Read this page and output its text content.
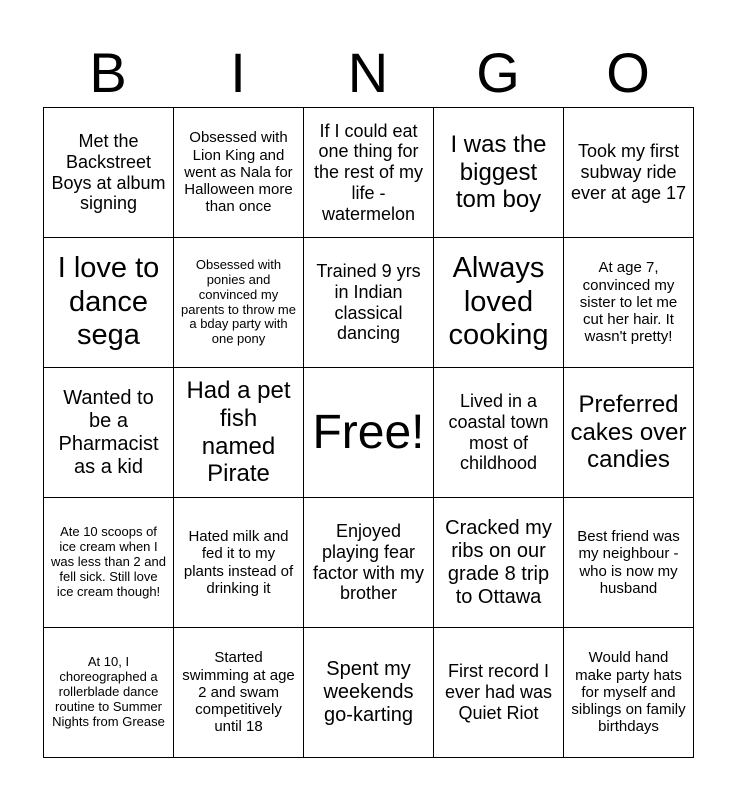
B	I	N	G	O
Met the Backstreet Boys at album signing	Obsessed with Lion King and went as Nala for Halloween more than once	If I could eat one thing for the rest of my life - watermelon	I was the biggest tom boy	Took my first subway ride ever at age 17
I love to dance sega	Obsessed with ponies and convinced my parents to throw me a bday party with one pony	Trained 9 yrs in Indian classical dancing	Always loved cooking	At age 7, convinced my sister to let me cut her hair. It wasn't pretty!
Wanted to be a Pharmacist as a kid	Had a pet fish named Pirate	Free!	Lived in a coastal town most of childhood	Preferred cakes over candies
Ate 10 scoops of ice cream when I was less than 2 and fell sick. Still love ice cream though!	Hated milk and fed it to my plants instead of drinking it	Enjoyed playing fear factor with my brother	Cracked my ribs on our grade 8 trip to Ottawa	Best friend was my neighbour - who is now my husband
At 10, I choreographed a rollerblade dance routine to Summer Nights from Grease	Started swimming at age 2 and swam competitively until 18	Spent my weekends go-karting	First record I ever had was Quiet Riot	Would hand make party hats for myself and siblings on family birthdays
